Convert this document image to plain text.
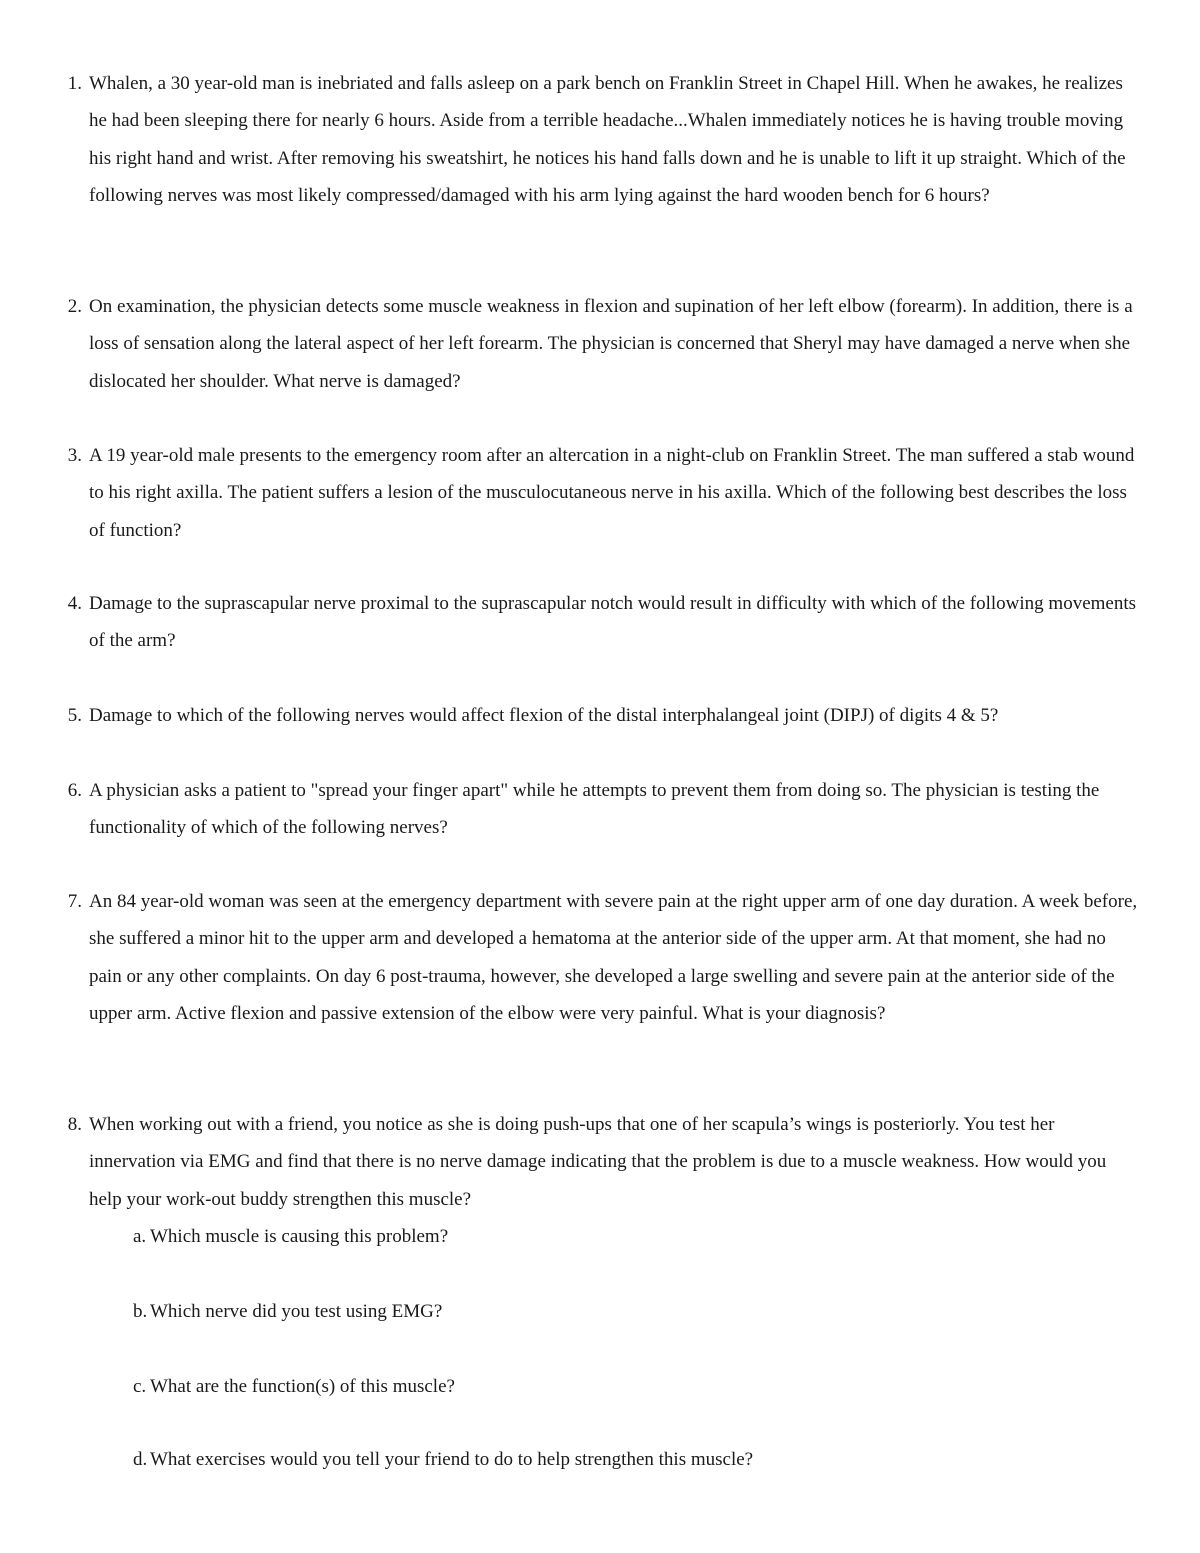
1. Whalen, a 30 year-old man is inebriated and falls asleep on a park bench on Franklin Street in Chapel Hill. When he awakes, he realizes he had been sleeping there for nearly 6 hours. Aside from a terrible headache...Whalen immediately notices he is having trouble moving his right hand and wrist. After removing his sweatshirt, he notices his hand falls down and he is unable to lift it up straight. Which of the following nerves was most likely compressed/damaged with his arm lying against the hard wooden bench for 6 hours?
2. On examination, the physician detects some muscle weakness in flexion and supination of her left elbow (forearm). In addition, there is a loss of sensation along the lateral aspect of her left forearm. The physician is concerned that Sheryl may have damaged a nerve when she dislocated her shoulder. What nerve is damaged?
3. A 19 year-old male presents to the emergency room after an altercation in a night-club on Franklin Street. The man suffered a stab wound to his right axilla. The patient suffers a lesion of the musculocutaneous nerve in his axilla. Which of the following best describes the loss of function?
4. Damage to the suprascapular nerve proximal to the suprascapular notch would result in difficulty with which of the following movements of the arm?
5. Damage to which of the following nerves would affect flexion of the distal interphalangeal joint (DIPJ) of digits 4 & 5?
6. A physician asks a patient to "spread your finger apart" while he attempts to prevent them from doing so. The physician is testing the functionality of which of the following nerves?
7. An 84 year-old woman was seen at the emergency department with severe pain at the right upper arm of one day duration. A week before, she suffered a minor hit to the upper arm and developed a hematoma at the anterior side of the upper arm. At that moment, she had no pain or any other complaints. On day 6 post-trauma, however, she developed a large swelling and severe pain at the anterior side of the upper arm. Active flexion and passive extension of the elbow were very painful. What is your diagnosis?
8. When working out with a friend, you notice as she is doing push-ups that one of her scapula’s wings is posteriorly. You test her innervation via EMG and find that there is no nerve damage indicating that the problem is due to a muscle weakness. How would you help your work-out buddy strengthen this muscle?
a. Which muscle is causing this problem?
b. Which nerve did you test using EMG?
c. What are the function(s) of this muscle?
d. What exercises would you tell your friend to do to help strengthen this muscle?
